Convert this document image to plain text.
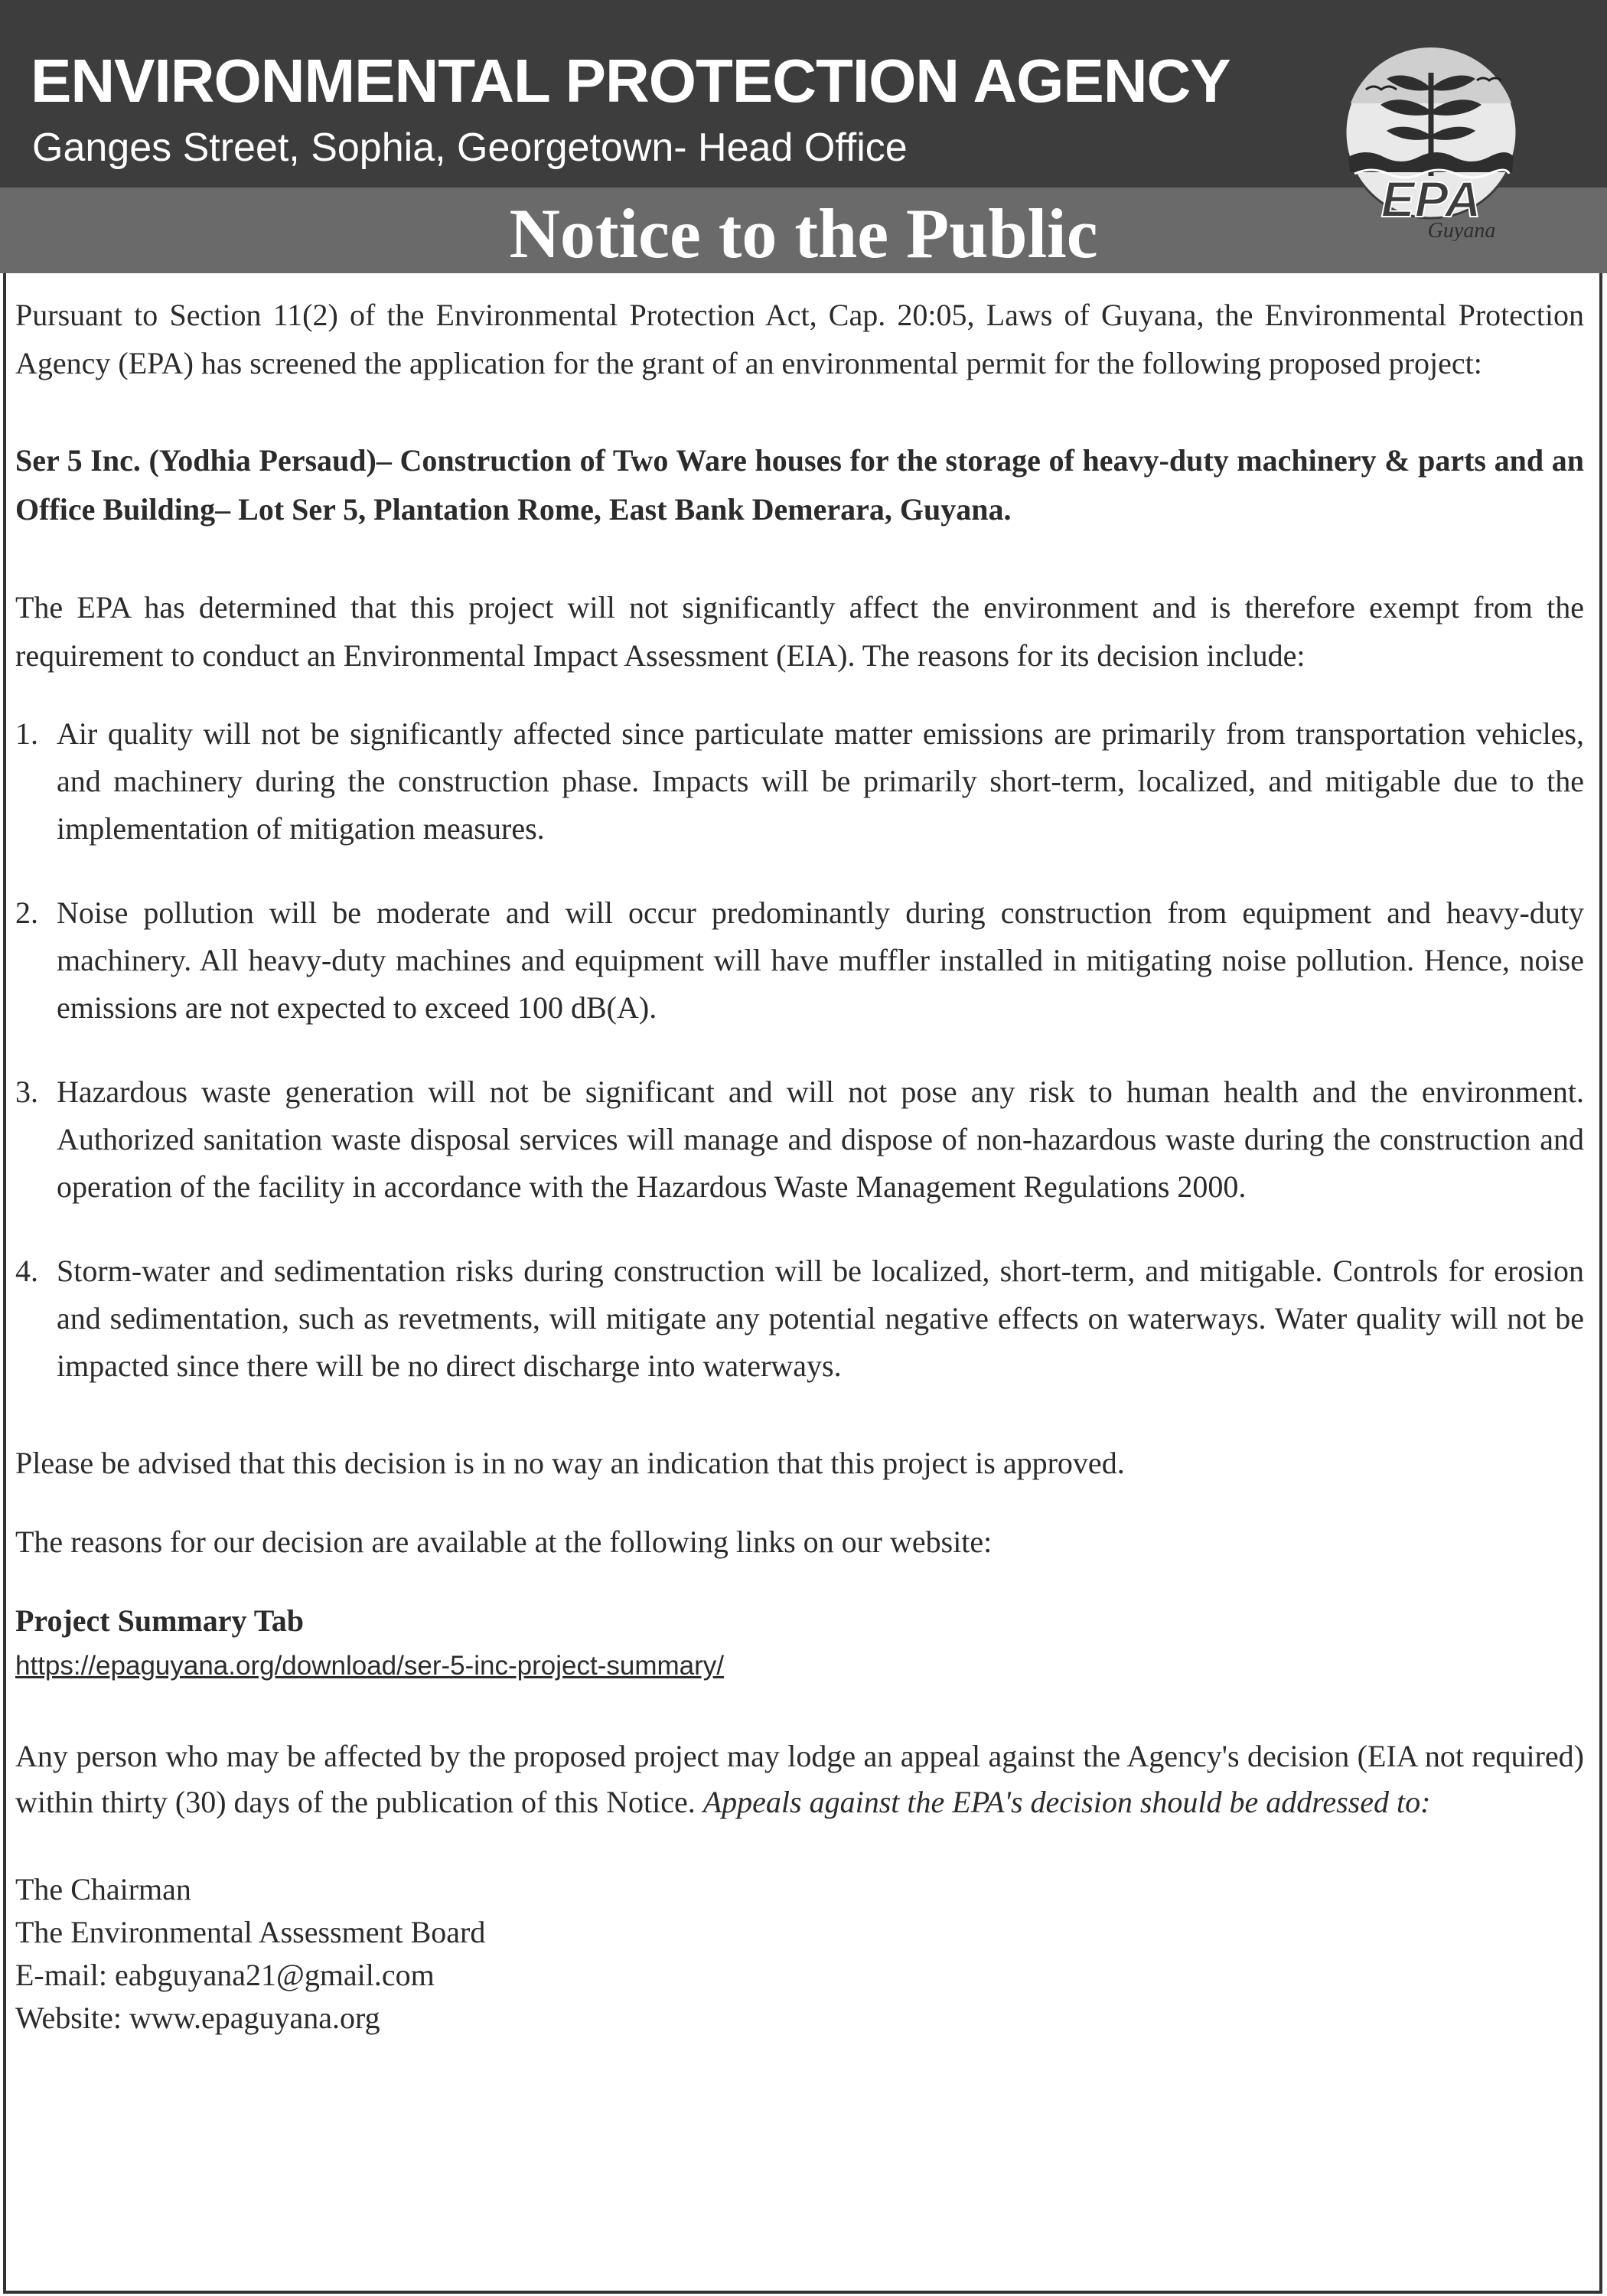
ENVIRONMENTAL PROTECTION AGENCY
Ganges Street, Sophia, Georgetown- Head Office
Notice to the Public	EPA
Guyana

Pursuant to Section 11(2) of the Environmental Protection Act, Cap. 20:05, Laws of Guyana, the Environmental Protection Agency (EPA) has screened the application for the grant of an environmental permit for the following proposed project:

Ser 5 Inc. (Yodhia Persaud)– Construction of Two Ware houses for the storage of heavy-duty machinery & parts and an Office Building– Lot Ser 5, Plantation Rome, East Bank Demerara, Guyana.

The EPA has determined that this project will not significantly affect the environment and is therefore exempt from the requirement to conduct an Environmental Impact Assessment (EIA). The reasons for its decision include:

1. Air quality will not be significantly affected since particulate matter emissions are primarily from transportation vehicles, and machinery during the construction phase. Impacts will be primarily short-term, localized, and mitigable due to the implementation of mitigation measures.
2. Noise pollution will be moderate and will occur predominantly during construction from equipment and heavy-duty machinery. All heavy-duty machines and equipment will have muffler installed in mitigating noise pollution. Hence, noise emissions are not expected to exceed 100 dB(A).
3. Hazardous waste generation will not be significant and will not pose any risk to human health and the environment. Authorized sanitation waste disposal services will manage and dispose of non-hazardous waste during the construction and operation of the facility in accordance with the Hazardous Waste Management Regulations 2000.
4. Storm-water and sedimentation risks during construction will be localized, short-term, and mitigable. Controls for erosion and sedimentation, such as revetments, will mitigate any potential negative effects on waterways. Water quality will not be impacted since there will be no direct discharge into waterways.

Please be advised that this decision is in no way an indication that this project is approved.

The reasons for our decision are available at the following links on our website:

Project Summary Tab

https://epaguyana.org/download/ser-5-inc-project-summary/

Any person who may be affected by the proposed project may lodge an appeal against the Agency's decision (EIA not required) within thirty (30) days of the publication of this Notice. Appeals against the EPA's decision should be addressed to:

The Chairman

The Environmental Assessment Board

E-mail: eabguyana21@gmail.com

Website: www.epaguyana.org
